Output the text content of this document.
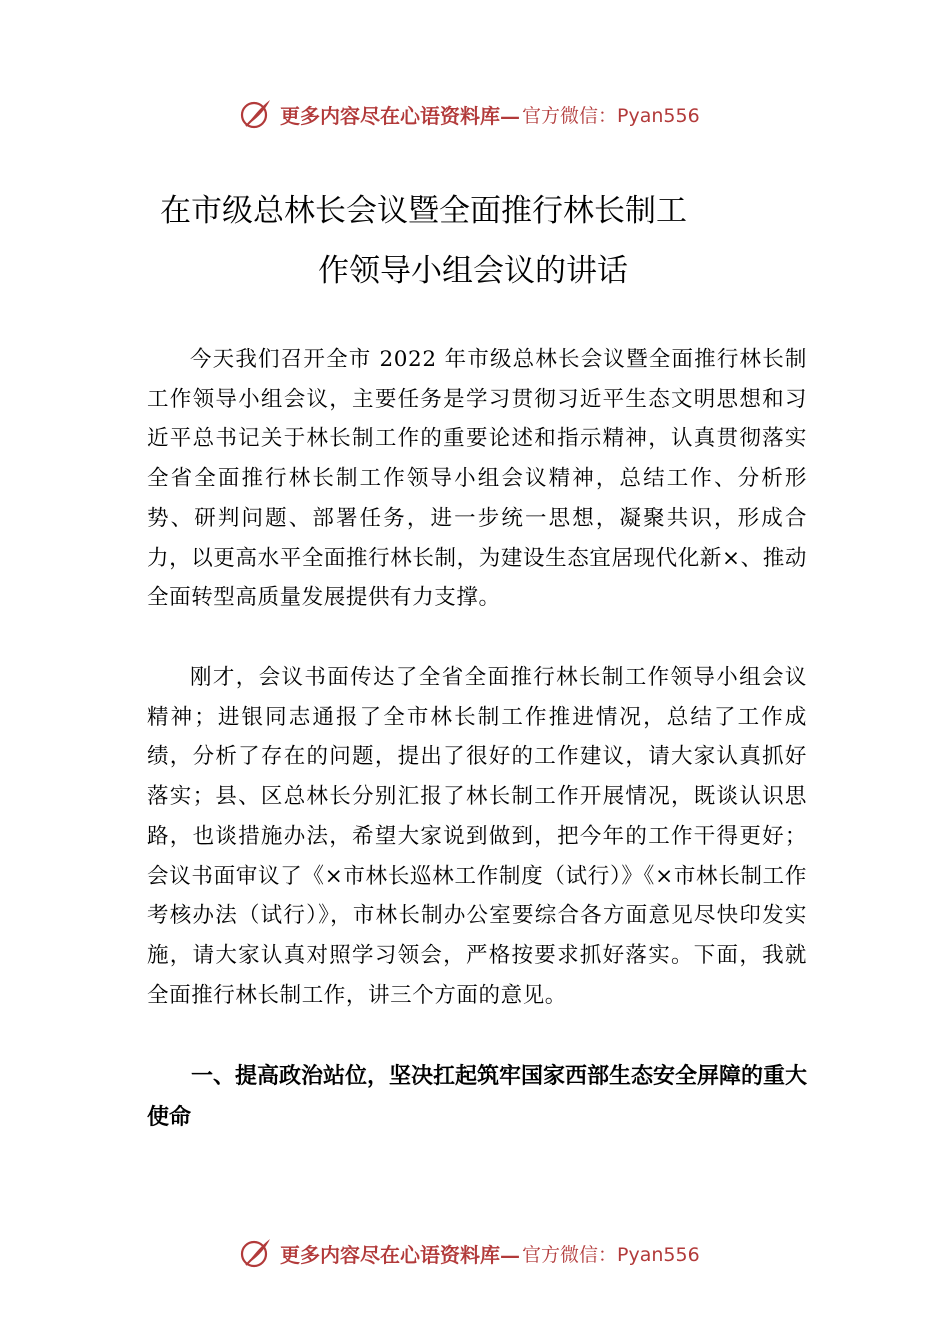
更多内容尽在心语资料库— 官方微信：Pyan556
在市级总林长会议暨全面推行林长制工
作领导小组会议的讲话
今天我们召开全市 2022 年市级总林长会议暨全面推行林长制工作领导小组会议，主要任务是学习贯彻习近平生态文明思想和习近平总书记关于林长制工作的重要论述和指示精神，认真贯彻落实全省全面推行林长制工作领导小组会议精神，总结工作、分析形势、研判问题、部署任务，进一步统一思想，凝聚共识，形成合力，以更高水平全面推行林长制，为建设生态宜居现代化新×、推动全面转型高质量发展提供有力支撑。
刚才，会议书面传达了全省全面推行林长制工作领导小组会议精神；进银同志通报了全市林长制工作推进情况，总结了工作成绩，分析了存在的问题，提出了很好的工作建议，请大家认真抓好落实；县、区总林长分别汇报了林长制工作开展情况，既谈认识思路，也谈措施办法，希望大家说到做到，把今年的工作干得更好；会议书面审议了《×市林长巡林工作制度（试行）》《×市林长制工作考核办法（试行）》，市林长制办公室要综合各方面意见尽快印发实施，请大家认真对照学习领会，严格按要求抓好落实。下面，我就全面推行林长制工作，讲三个方面的意见。
一、提高政治站位，坚决扛起筑牢国家西部生态安全屏障的重大使命
更多内容尽在心语资料库— 官方微信：Pyan556
